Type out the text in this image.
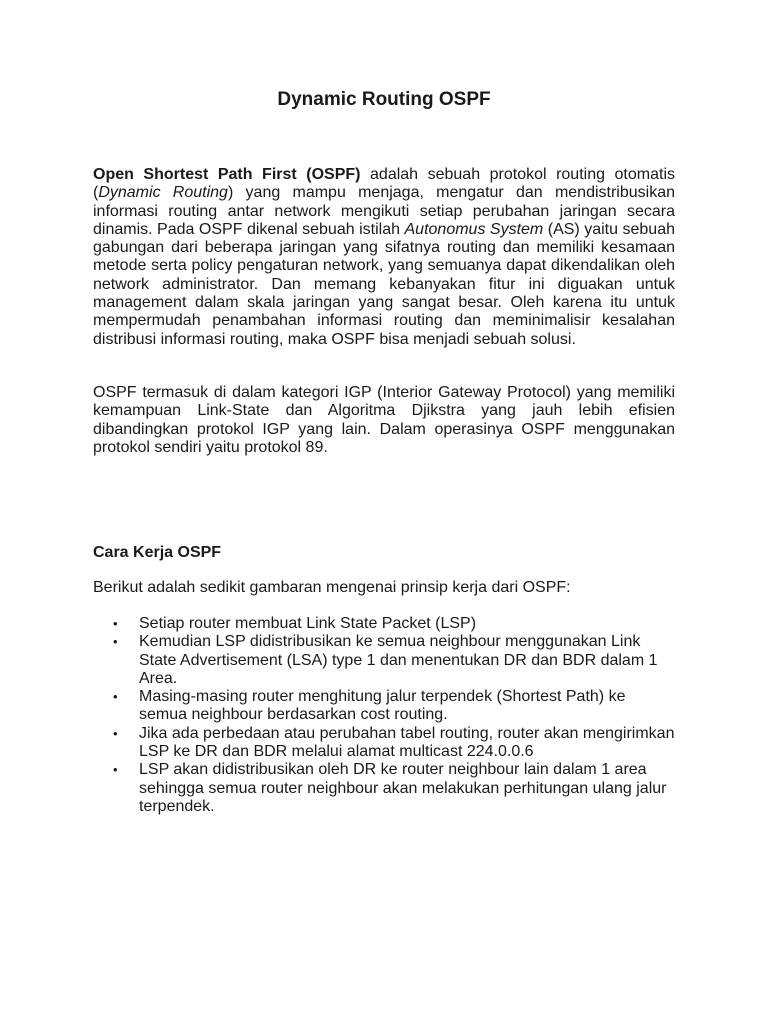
Dynamic Routing OSPF

Open Shortest Path First (OSPF) adalah sebuah protokol routing otomatis (Dynamic Routing) yang mampu menjaga, mengatur dan mendistribusikan informasi routing antar network mengikuti setiap perubahan jaringan secara dinamis. Pada OSPF dikenal sebuah istilah Autonomus System (AS) yaitu sebuah gabungan dari beberapa jaringan yang sifatnya routing dan memiliki kesamaan metode serta policy pengaturan network, yang semuanya dapat dikendalikan oleh network administrator. Dan memang kebanyakan fitur ini diguakan untuk management dalam skala jaringan yang sangat besar. Oleh karena itu untuk mempermudah penambahan informasi routing dan meminimalisir kesalahan distribusi informasi routing, maka OSPF bisa menjadi sebuah solusi.

OSPF termasuk di dalam kategori IGP (Interior Gateway Protocol) yang memiliki kemampuan Link-State dan Algoritma Djikstra yang jauh lebih efisien dibandingkan protokol IGP yang lain. Dalam operasinya OSPF menggunakan protokol sendiri yaitu protokol 89.

Cara Kerja OSPF

Berikut adalah sedikit gambaran mengenai prinsip kerja dari OSPF:

• Setiap router membuat Link State Packet (LSP)
• Kemudian LSP didistribusikan ke semua neighbour menggunakan Link State Advertisement (LSA) type 1 dan menentukan DR dan BDR dalam 1 Area.
• Masing-masing router menghitung jalur terpendek (Shortest Path) ke semua neighbour berdasarkan cost routing.
• Jika ada perbedaan atau perubahan tabel routing, router akan mengirimkan LSP ke DR dan BDR melalui alamat multicast 224.0.0.6
• LSP akan didistribusikan oleh DR ke router neighbour lain dalam 1 area sehingga semua router neighbour akan melakukan perhitungan ulang jalur terpendek.
